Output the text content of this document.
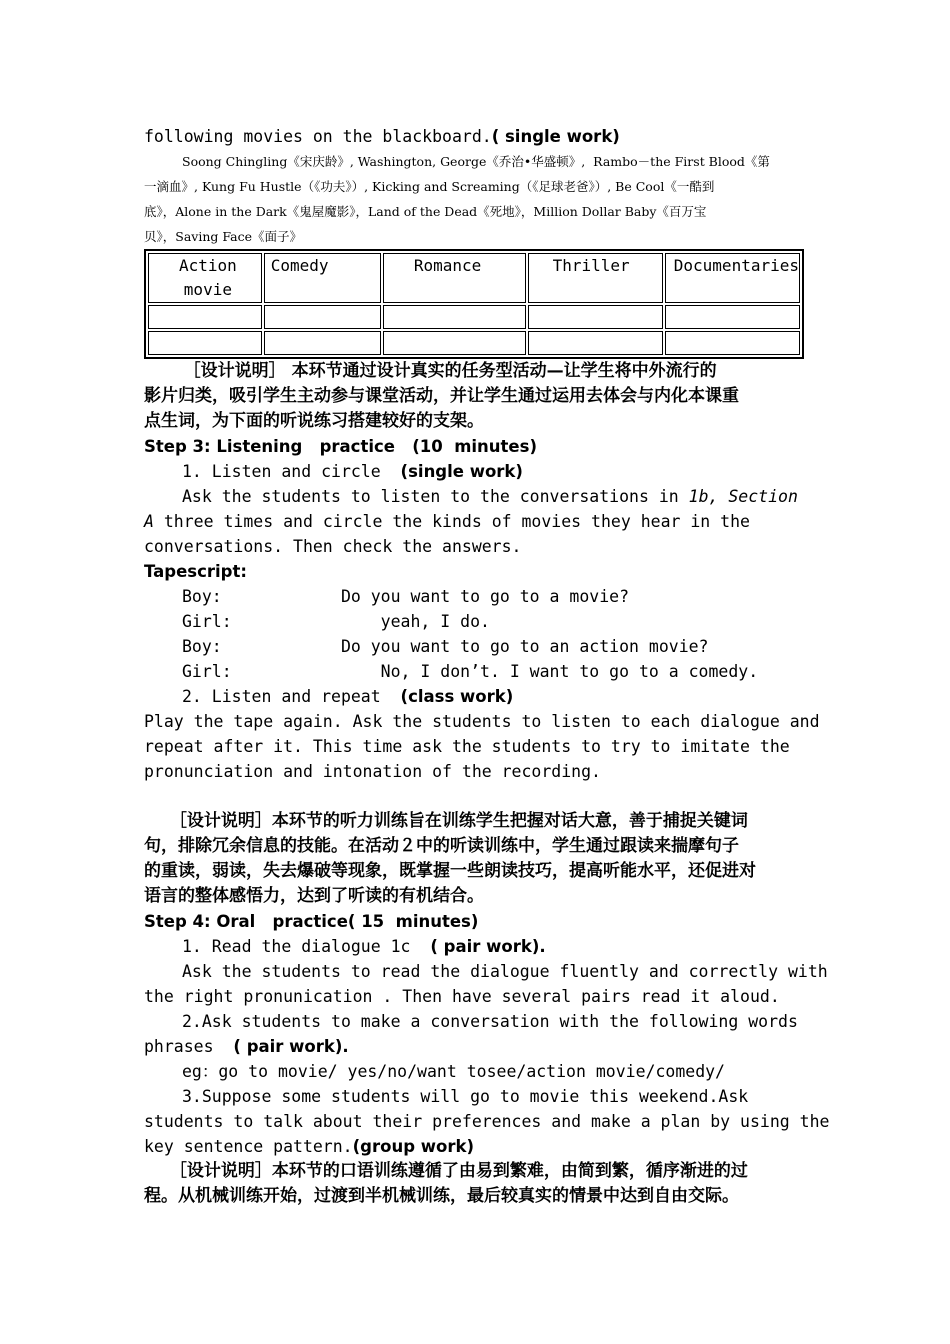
following movies on the blackboard.( single work)
Soong Chingling《宋庆龄》, Washington, George《乔治•华盛顿》,  Rambo－the First Blood《第
一滴血》, Kung Fu Hustle（《功夫》）, Kicking and Screaming（《足球老爸》）, Be Cool《一酷到
底》，Alone in the Dark《鬼屋魔影》，Land of the Dead《死地》，Million Dollar Baby《百万宝
贝》，Saving Face《面子》
Action
movie	Comedy	Romance	Thriller	Documentaries

［设计说明］ 本环节通过设计真实的任务型活动—让学生将中外流行的
影片归类，吸引学生主动参与课堂活动，并让学生通过运用去体会与内化本课重
点生词，为下面的听说练习搭建较好的支架。
Step 3: Listening   practice   (10  minutes)
1. Listen and circle  (single work)
Ask the students to listen to the conversations in 1b, Section
A three times and circle the kinds of movies they hear in the
conversations. Then check the answers.
Tapescript:
Boy:            Do you want to go to a movie?
Girl:               yeah, I do.
Boy:            Do you want to go to an action movie?
Girl:               No, I don’t. I want to go to a comedy.
2. Listen and repeat  (class work)
Play the tape again. Ask the students to listen to each dialogue and
repeat after it. This time ask the students to try to imitate the
pronunciation and intonation of the recording.
［设计说明］本环节的听力训练旨在训练学生把握对话大意，善于捕捉关键词
句，排除冗余信息的技能。在活动２中的听读训练中，学生通过跟读来揣摩句子
的重读，弱读，失去爆破等现象，既掌握一些朗读技巧，提高听能水平，还促进对
语言的整体感悟力，达到了听读的有机结合。
Step 4: Oral   practice( 15  minutes)
1. Read the dialogue 1c  ( pair work).
Ask the students to read the dialogue fluently and correctly with
the right pronunication . Then have several pairs read it aloud.
2.Ask students to make a conversation with the following words
phrases  ( pair work).
eg：go to movie/ yes/no/want tosee/action movie/comedy/
3.Suppose some students will go to movie this weekend.Ask
students to talk about their preferences and make a plan by using the
key sentence pattern.(group work)
［设计说明］本环节的口语训练遵循了由易到繁难，由简到繁，循序渐进的过
程。从机械训练开始，过渡到半机械训练，最后较真实的情景中达到自由交际。
